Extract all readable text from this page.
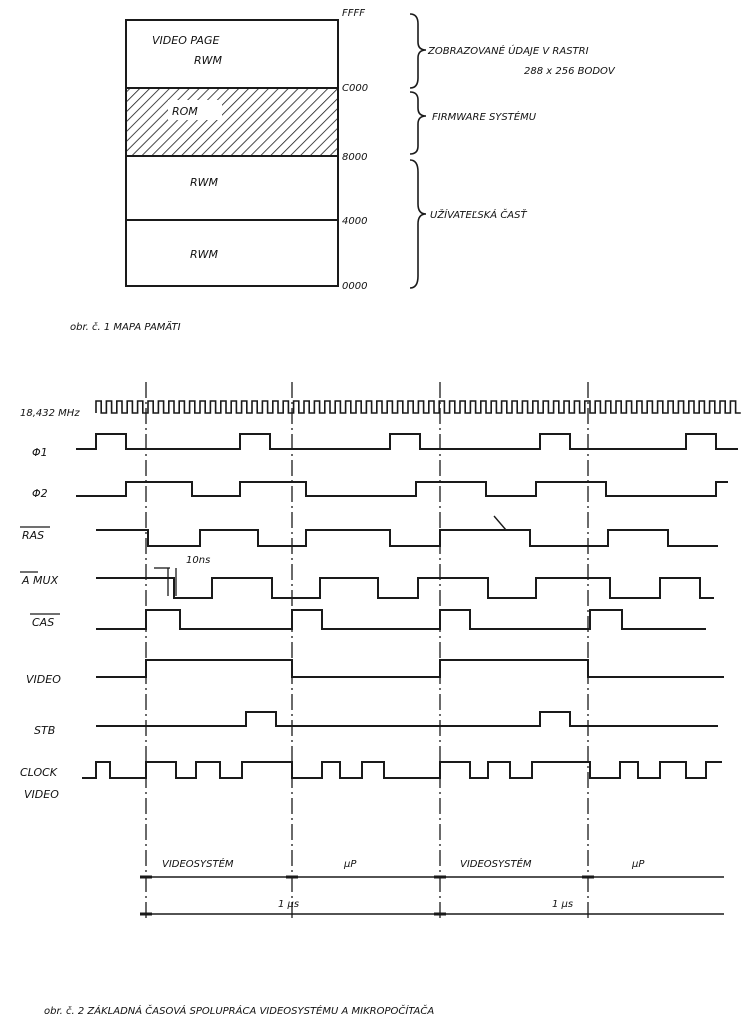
VIDEO PAGE
RWM
ROM
RWM
RWM
FFFF
C000
8000
4000
0000
ZOBRAZOVANÉ ÚDAJE V RASTRI
288 x 256 BODOV
FIRMWARE SYSTÉMU
UŽÍVATEĽSKÁ ČASŤ
obr. č. 1 MAPA PAMÄTI
18,432 MHz
Φ1
Φ2
RAS
A MUX
CAS
VIDEO
STB
CLOCK VIDEO
10ns
VIDEOSYSTÉM	μP	VIDEOSYSTÉM	μP
1 μs	1 μs
obr. č. 2 ZÁKLADNÁ ČASOVÁ SPOLUPRÁCA VIDEOSYSTÉMU A MIKROPOČÍTAČA
